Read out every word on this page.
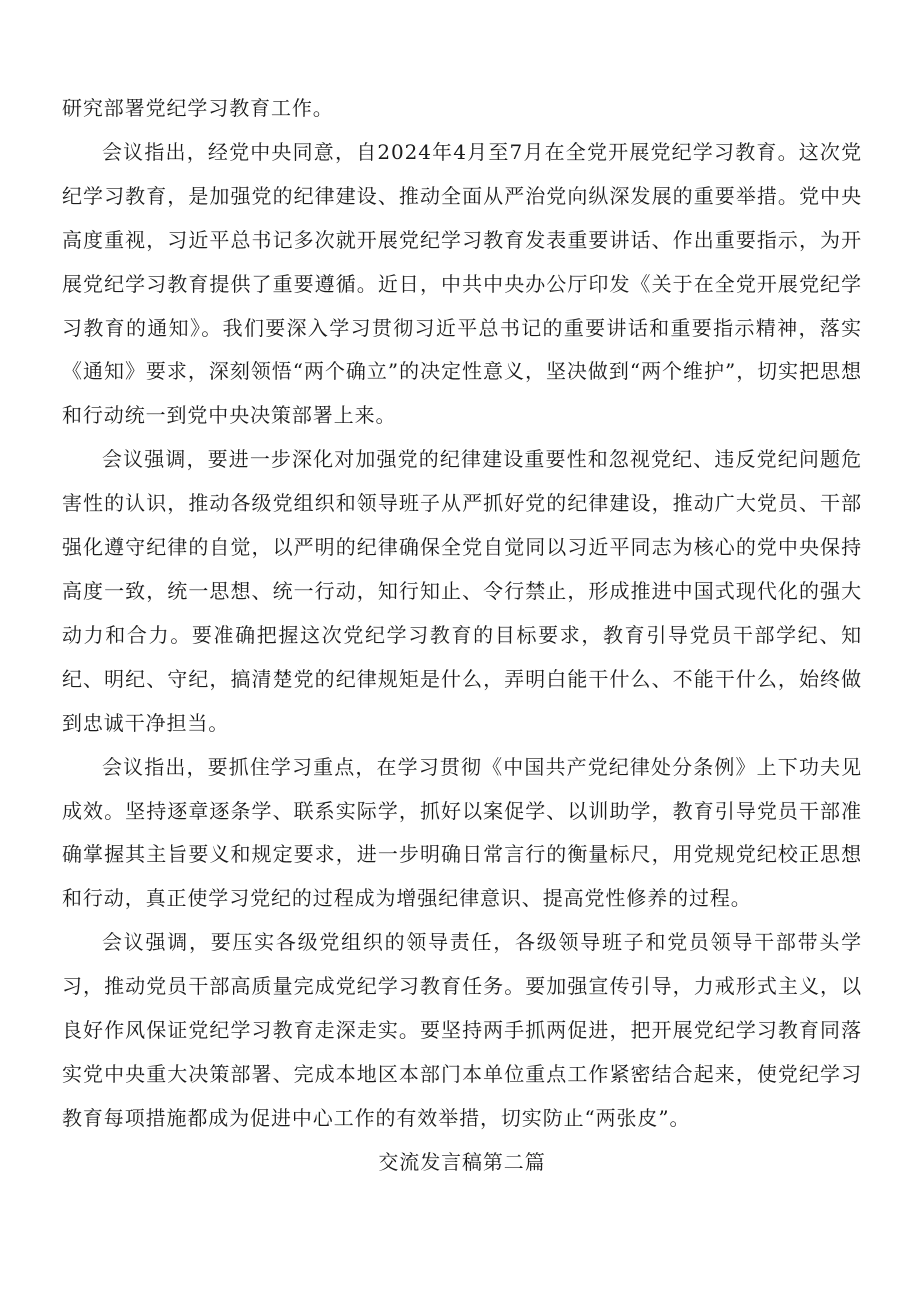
研究部署党纪学习教育工作。

会议指出，经党中央同意，自2024年4月至7月在全党开展党纪学习教育。这次党纪学习教育，是加强党的纪律建设、推动全面从严治党向纵深发展的重要举措。党中央高度重视，习近平总书记多次就开展党纪学习教育发表重要讲话、作出重要指示，为开展党纪学习教育提供了重要遵循。近日，中共中央办公厅印发《关于在全党开展党纪学习教育的通知》。我们要深入学习贯彻习近平总书记的重要讲话和重要指示精神，落实《通知》要求，深刻领悟“两个确立”的决定性意义，坚决做到“两个维护”，切实把思想和行动统一到党中央决策部署上来。

会议强调，要进一步深化对加强党的纪律建设重要性和忽视党纪、违反党纪问题危害性的认识，推动各级党组织和领导班子从严抓好党的纪律建设，推动广大党员、干部强化遵守纪律的自觉，以严明的纪律确保全党自觉同以习近平同志为核心的党中央保持高度一致，统一思想、统一行动，知行知止、令行禁止，形成推进中国式现代化的强大动力和合力。要准确把握这次党纪学习教育的目标要求，教育引导党员干部学纪、知纪、明纪、守纪，搞清楚党的纪律规矩是什么，弄明白能干什么、不能干什么，始终做到忠诚干净担当。

会议指出，要抓住学习重点，在学习贯彻《中国共产党纪律处分条例》上下功夫见成效。坚持逐章逐条学、联系实际学，抓好以案促学、以训助学，教育引导党员干部准确掌握其主旨要义和规定要求，进一步明确日常言行的衡量标尺，用党规党纪校正思想和行动，真正使学习党纪的过程成为增强纪律意识、提高党性修养的过程。

会议强调，要压实各级党组织的领导责任，各级领导班子和党员领导干部带头学习，推动党员干部高质量完成党纪学习教育任务。要加强宣传引导，力戒形式主义，以良好作风保证党纪学习教育走深走实。要坚持两手抓两促进，把开展党纪学习教育同落实党中央重大决策部署、完成本地区本部门本单位重点工作紧密结合起来，使党纪学习教育每项措施都成为促进中心工作的有效举措，切实防止“两张皮”。

交流发言稿第二篇
